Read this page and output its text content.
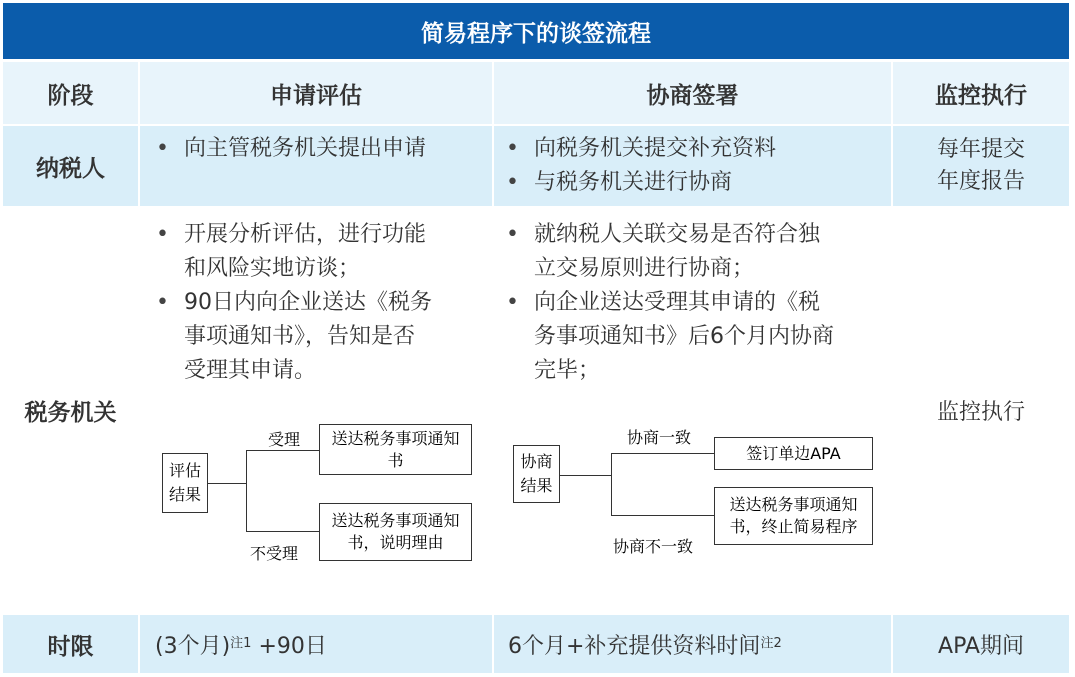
简易程序下的谈签流程
阶段	申请评估	协商签署	监控执行
纳税人
• 向主管税务机关提出申请
•	向税务机关提交补充资料
• 与税务机关进行协商
每年提交
年度报告
税务机关
• 开展分析评估，进行功能
和风险实地访谈；
• 90日内向企业送达《税务
事项通知书》，告知是否
受理其申请。
• 就纳税人关联交易是否符合独
立交易原则进行协商；
• 向企业送达受理其申请的《税
务事项通知书》后6个月内协商
完毕；
监控执行
评估
结果
受理
不受理
送达税务事项通知
书
送达税务事项通知
书，说明理由
协商
结果
协商一致
协商不一致
签订单边APA
送达税务事项通知
书，终止简易程序
时限	(3个月) 注1 +90日	6个月+补充提供资料时间 注2	APA期间
